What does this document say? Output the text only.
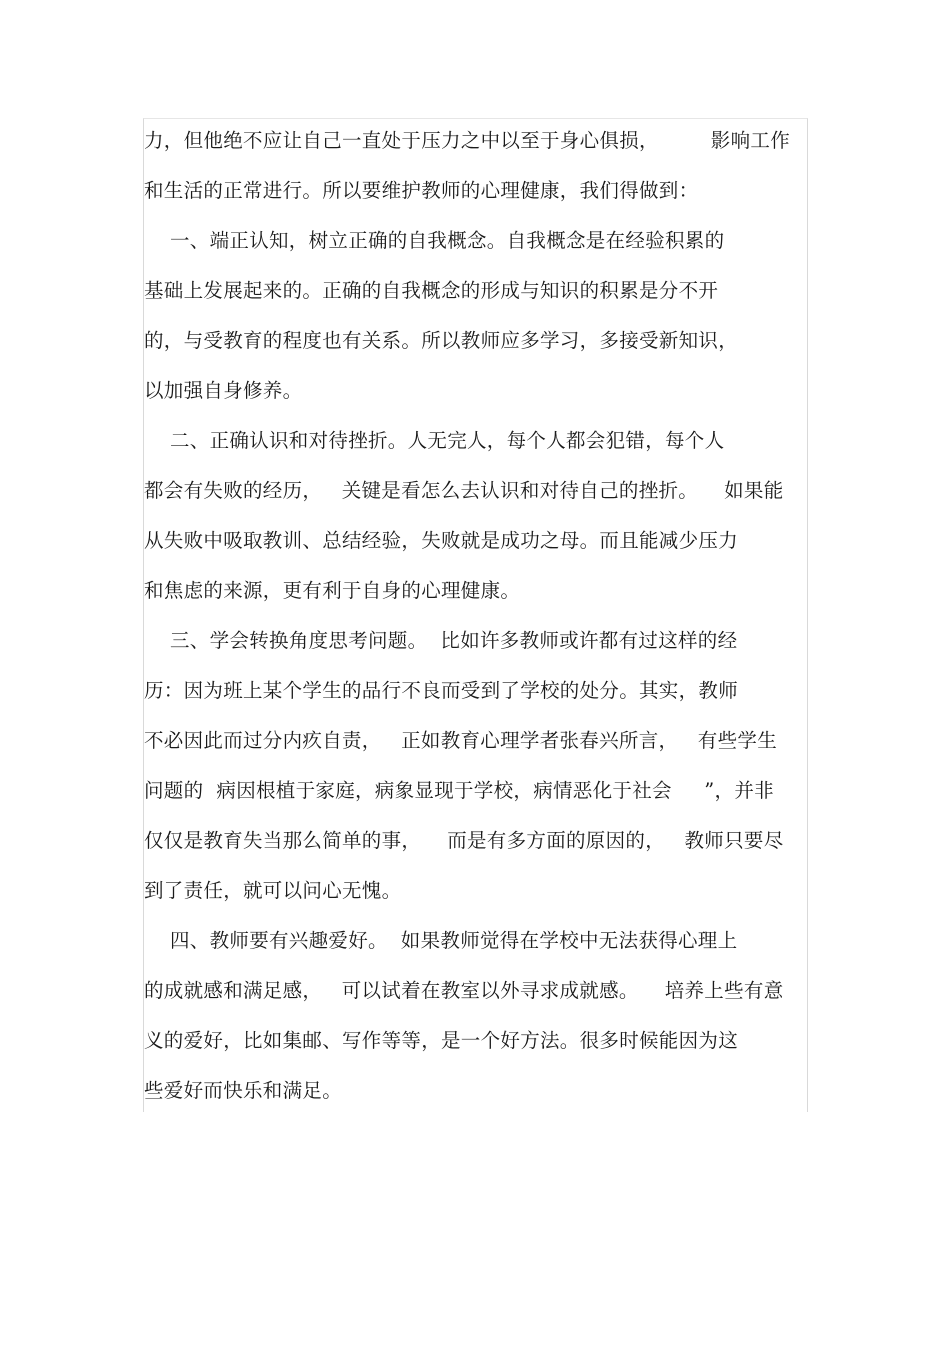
力，但他绝不应让自己一直处于压力之中以至于身心俱损，        影响工作
和生活的正常进行。所以要维护教师的心理健康，我们得做到：
一、端正认知，树立正确的自我概念。自我概念是在经验积累的
基础上发展起来的。正确的自我概念的形成与知识的积累是分不开
的，与受教育的程度也有关系。所以教师应多学习，多接受新知识，
以加强自身修养。
二、正确认识和对待挫折。人无完人，每个人都会犯错，每个人
都会有失败的经历，   关键是看怎么去认识和对待自己的挫折。    如果能
从失败中吸取教训、总结经验，失败就是成功之母。而且能减少压力
和焦虑的来源，更有利于自身的心理健康。
三、学会转换角度思考问题。  比如许多教师或许都有过这样的经
历：因为班上某个学生的品行不良而受到了学校的处分。其实，教师
不必因此而过分内疚自责，   正如教育心理学者张春兴所言，   有些学生
问题的  病因根植于家庭，病象显现于学校，病情恶化于社会     ”，并非
仅仅是教育失当那么简单的事，    而是有多方面的原因的，   教师只要尽
到了责任，就可以问心无愧。
四、教师要有兴趣爱好。  如果教师觉得在学校中无法获得心理上
的成就感和满足感，   可以试着在教室以外寻求成就感。    培养上些有意
义的爱好，比如集邮、写作等等，是一个好方法。很多时候能因为这
些爱好而快乐和满足。
